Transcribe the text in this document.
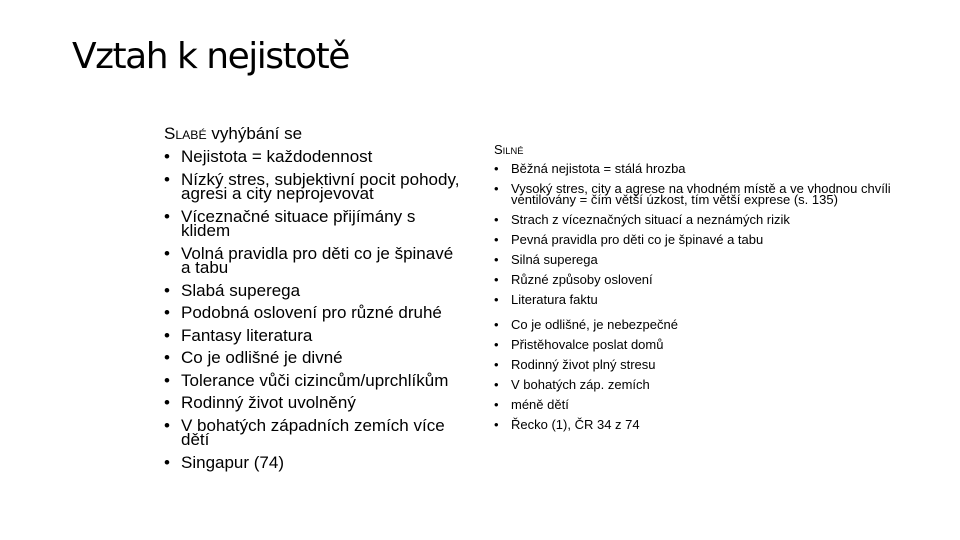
Vztah k nejistotě

SLABÉ vyhýbání se

• Nejistota = každodennost
• Nízký stres, subjektivní pocit pohody, agresi a city neprojevovat
• Víceznačné situace přijímány s klidem
• Volná pravidla pro děti co je špinavé a tabu
• Slabá superega
• Podobná oslovení pro různé druhé
• Fantasy literatura
• Co je odlišné je divné
• Tolerance vůči cizincům/uprchlíkům
• Rodinný život uvolněný
• V bohatých západních zemích více dětí
• Singapur (74)

SILNÉ

• Běžná nejistota = stálá hrozba
• Vysoký stres, city a agrese na vhodném místě a ve vhodnou chvíli ventilovány = čím větší úzkost, tím větší exprese (s. 135)
• Strach z víceznačných situací a neznámých rizik
• Pevná pravidla pro děti co je špinavé a tabu
• Silná superega
• Různé způsoby oslovení
• Literatura faktu
• Co je odlišné, je nebezpečné
• Přistěhovalce poslat domů
• Rodinný život plný stresu
• V bohatých záp. zemích
• méně dětí
• Řecko (1), ČR 34 z 74
